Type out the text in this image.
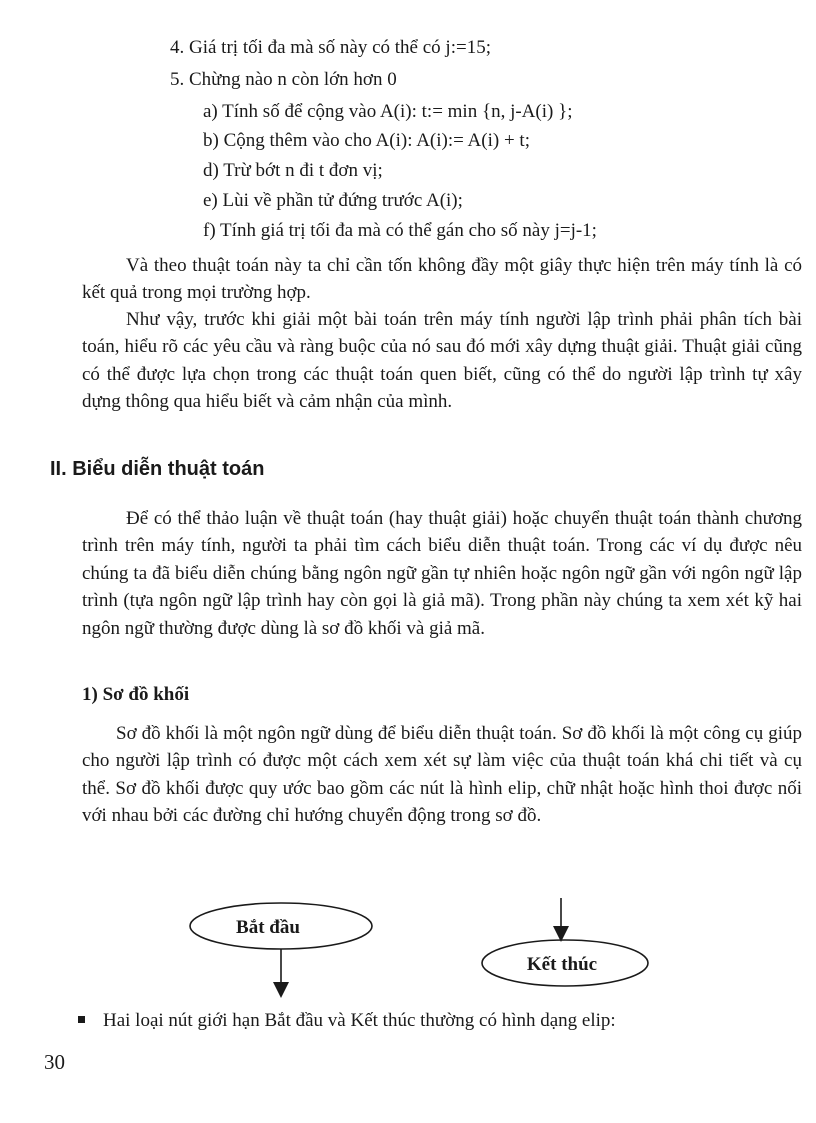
4. Giá trị tối đa mà số này có thể có j:=15;
5. Chừng nào n còn lớn hơn 0
a) Tính số để cộng vào A(i): t:= min {n, j-A(i) };
b) Cộng thêm vào cho A(i): A(i):= A(i) + t;
d) Trừ bớt n đi t đơn vị;
e) Lùi về phần tử đứng trước A(i);
f) Tính giá trị tối đa mà có thể gán cho số này j=j-1;
Và theo thuật toán này ta chỉ cần tốn không đầy một giây thực hiện trên máy tính là có kết quả trong mọi trường hợp.
Như vậy, trước khi giải một bài toán trên máy tính người lập trình phải phân tích bài toán, hiểu rõ các yêu cầu và ràng buộc của nó sau đó mới xây dựng thuật giải. Thuật giải cũng có thể được lựa chọn trong các thuật toán quen biết, cũng có thể do người lập trình tự xây dựng thông qua hiểu biết và cảm nhận của mình.
II. Biểu diễn thuật toán
Để có thể thảo luận về thuật toán (hay thuật giải) hoặc chuyển thuật toán thành chương trình trên máy tính, người ta phải tìm cách biểu diễn thuật toán. Trong các ví dụ được nêu chúng ta đã biểu diễn chúng bằng ngôn ngữ gần tự nhiên hoặc ngôn ngữ gần với ngôn ngữ lập trình (tựa ngôn ngữ lập trình hay còn gọi là giả mã). Trong phần này chúng ta xem xét kỹ hai ngôn ngữ thường được dùng là sơ đồ khối và giả mã.
1) Sơ đồ khối
Sơ đồ khối là một ngôn ngữ dùng để biểu diễn thuật toán. Sơ đồ khối là một công cụ giúp cho người lập trình có được một cách xem xét sự làm việc của thuật toán khá chi tiết và cụ thể. Sơ đồ khối được quy ước bao gồm các nút là hình elip, chữ nhật hoặc hình thoi được nối với nhau bởi các đường chỉ hướng chuyển động trong sơ đồ.
Bắt đầu
Kết thúc
Hai loại nút giới hạn Bắt đầu và Kết thúc thường có hình dạng elip:
30
